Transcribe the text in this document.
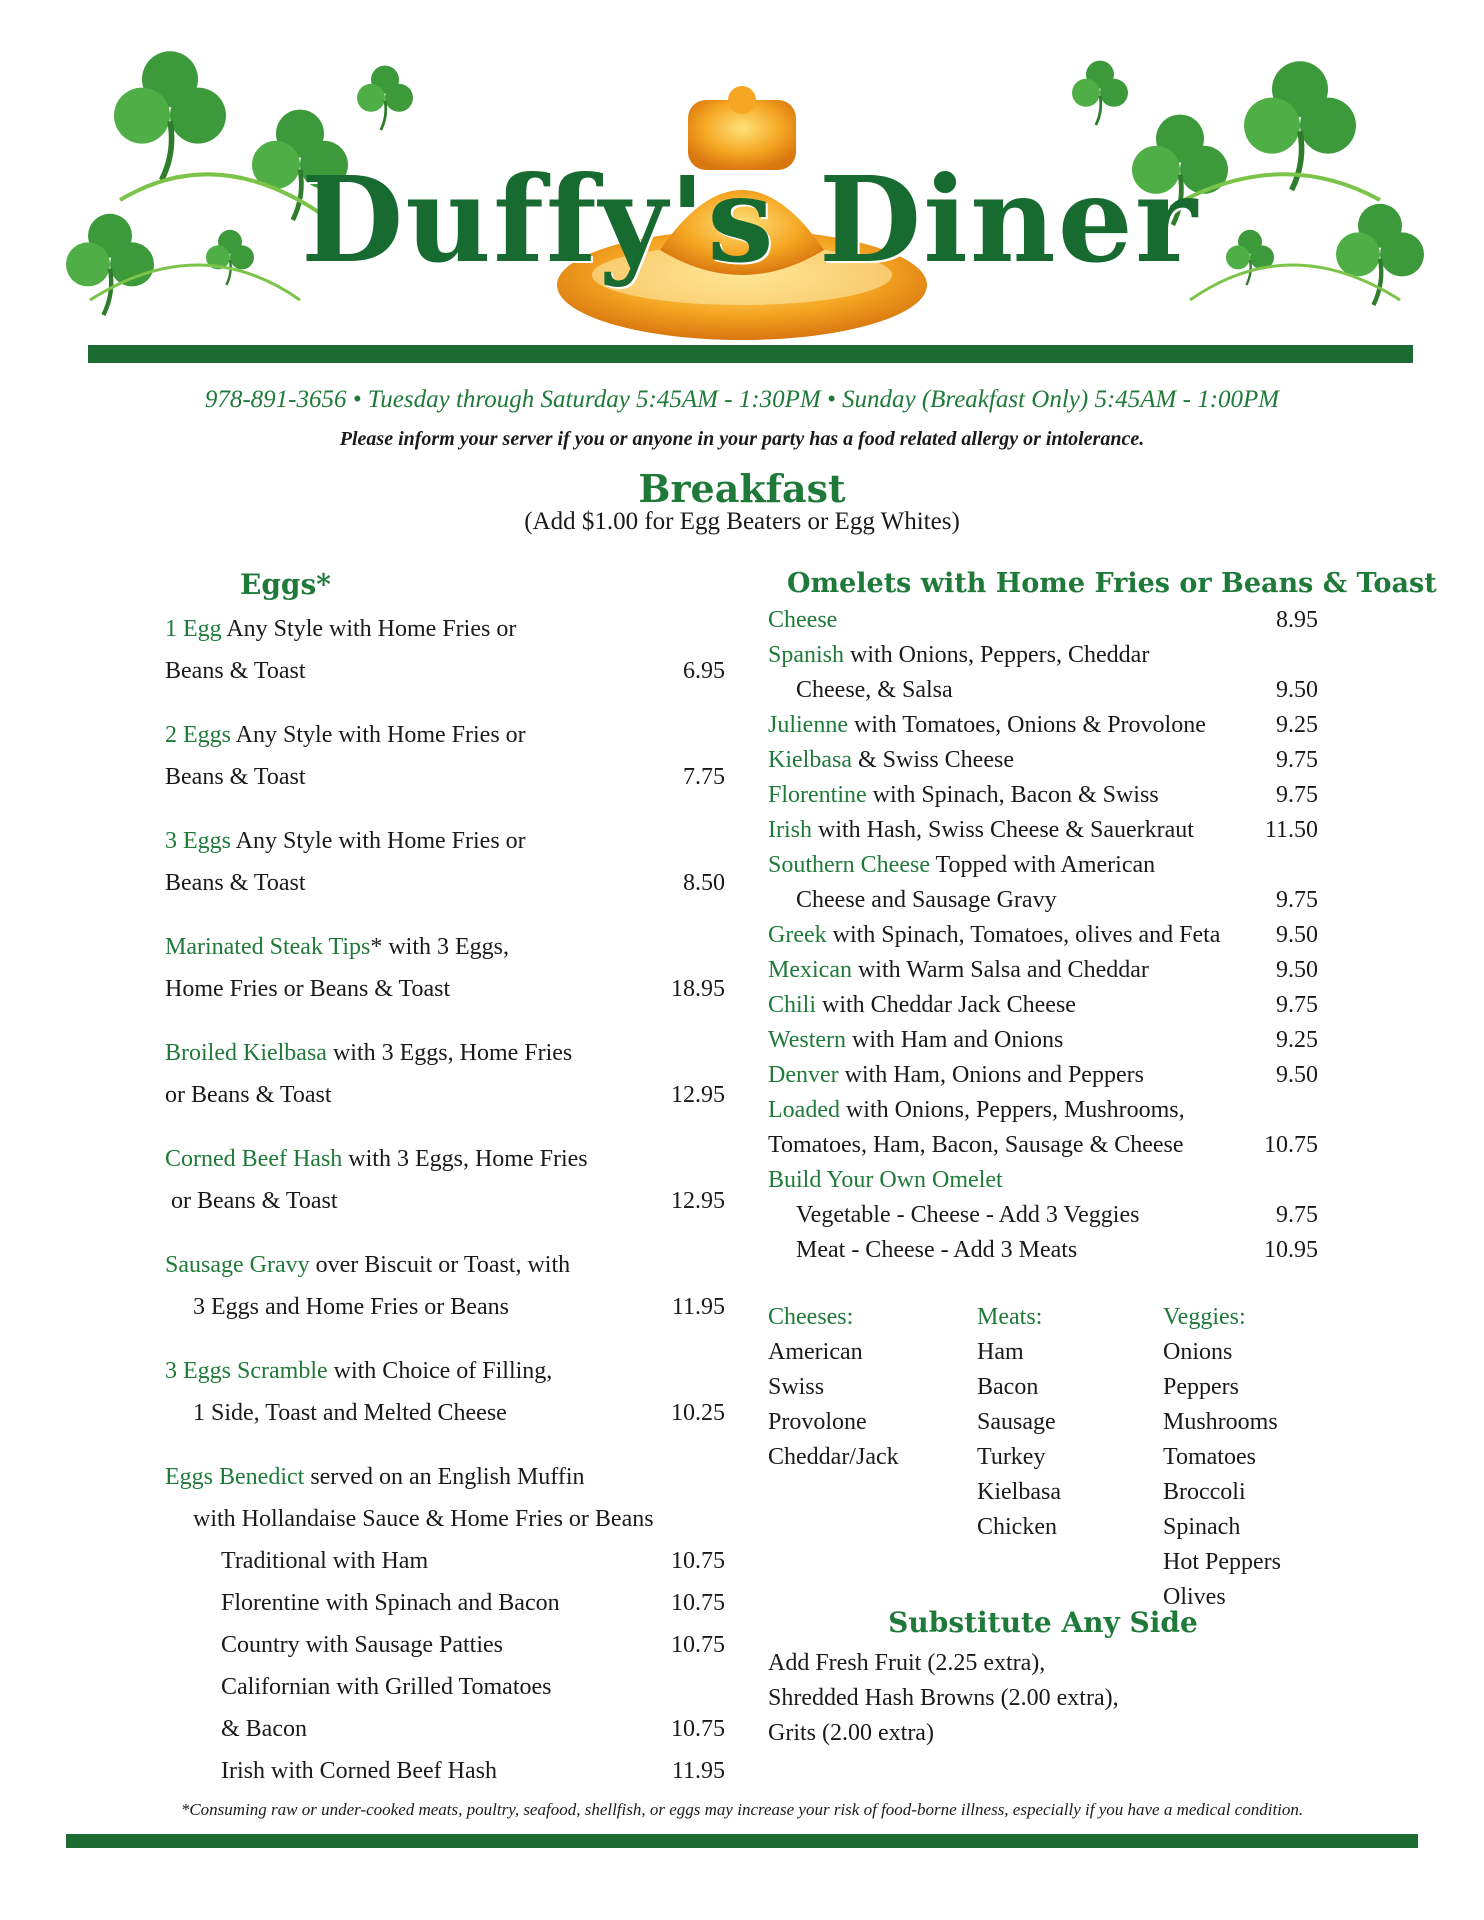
Duffy's Diner
978-891-3656 • Tuesday through Saturday 5:45AM - 1:30PM • Sunday (Breakfast Only) 5:45AM - 1:00PM
Please inform your server if you or anyone in your party has a food related allergy or intolerance.
Breakfast
(Add $1.00 for Egg Beaters or Egg Whites)
Eggs*
1 Egg Any Style with Home Fries or
Beans & Toast	6.95
2 Eggs Any Style with Home Fries or
Beans & Toast	7.75
3 Eggs Any Style with Home Fries or
Beans & Toast	8.50
Marinated Steak Tips* with 3 Eggs,
Home Fries or Beans & Toast	18.95
Broiled Kielbasa with 3 Eggs, Home Fries
or Beans & Toast	12.95
Corned Beef Hash with 3 Eggs, Home Fries
or Beans & Toast	12.95
Sausage Gravy over Biscuit or Toast, with
3 Eggs and Home Fries or Beans	11.95
3 Eggs Scramble with Choice of Filling,
1 Side, Toast and Melted Cheese	10.25
Eggs Benedict served on an English Muffin
with Hollandaise Sauce & Home Fries or Beans
Traditional with Ham	10.75
Florentine with Spinach and Bacon	10.75
Country with Sausage Patties	10.75
Californian with Grilled Tomatoes
& Bacon	10.75
Irish with Corned Beef Hash	11.95
Omelets with Home Fries or Beans & Toast
Cheese	8.95
Spanish with Onions, Peppers, Cheddar
Cheese, & Salsa	9.50
Julienne with Tomatoes, Onions & Provolone	9.25
Kielbasa & Swiss Cheese	9.75
Florentine with Spinach, Bacon & Swiss	9.75
Irish with Hash, Swiss Cheese & Sauerkraut	11.50
Southern Cheese Topped with American
Cheese and Sausage Gravy	9.75
Greek with Spinach, Tomatoes, olives and Feta	9.50
Mexican with Warm Salsa and Cheddar	9.50
Chili with Cheddar Jack Cheese	9.75
Western with Ham and Onions	9.25
Denver with Ham, Onions and Peppers	9.50
Loaded with Onions, Peppers, Mushrooms,
Tomatoes, Ham, Bacon, Sausage & Cheese	10.75
Build Your Own Omelet
Vegetable - Cheese - Add 3 Veggies	9.75
Meat - Cheese - Add 3 Meats	10.95
Cheeses:
American
Swiss
Provolone
Cheddar/Jack
Meats:
Ham
Bacon
Sausage
Turkey
Kielbasa
Chicken
Veggies:
Onions
Peppers
Mushrooms
Tomatoes
Broccoli
Spinach
Hot Peppers
Olives
Substitute Any Side
Add Fresh Fruit (2.25 extra),
Shredded Hash Browns (2.00 extra),
Grits (2.00 extra)
*Consuming raw or under-cooked meats, poultry, seafood, shellfish, or eggs may increase your risk of food-borne illness, especially if you have a medical condition.
